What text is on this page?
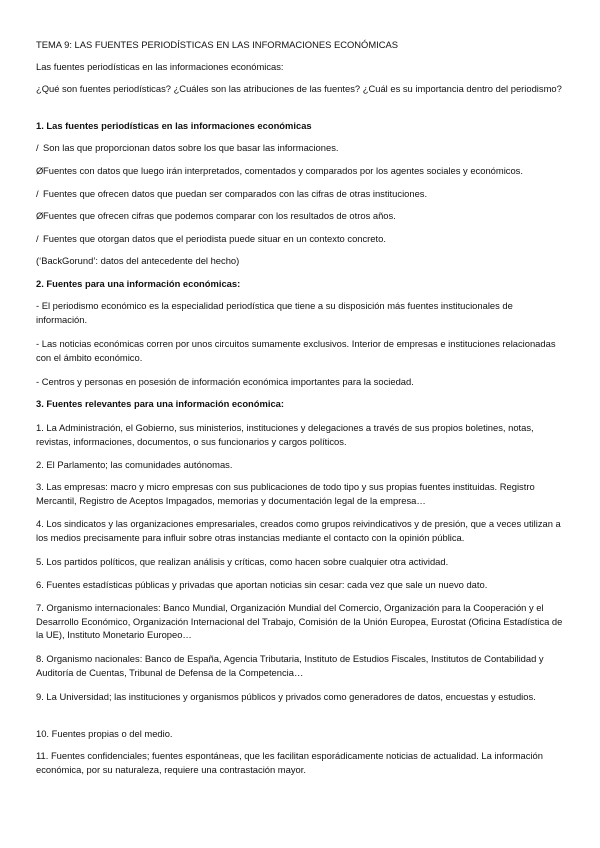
TEMA 9: LAS FUENTES PERIODÍSTICAS EN LAS INFORMACIONES ECONÓMICAS

Las fuentes periodísticas en las informaciones económicas:

¿Qué son fuentes periodísticas? ¿Cuáles son las atribuciones de las fuentes? ¿Cuál es su importancia dentro del periodismo?

1. Las fuentes periodísticas en las informaciones económicas

/ Son las que proporcionan datos sobre los que basar las informaciones.

ØFuentes con datos que luego irán interpretados, comentados y comparados por los agentes sociales y económicos.

/ Fuentes que ofrecen datos que puedan ser comparados con las cifras de otras instituciones.

ØFuentes que ofrecen cifras que podemos comparar con los resultados de otros años.

/ Fuentes que otorgan datos que el periodista puede situar en un contexto concreto.

(‘BackGorund’: datos del antecedente del hecho)

2. Fuentes para una información económicas:

- El periodismo económico es la especialidad periodística que tiene a su disposición más fuentes institucionales de información.

- Las noticias económicas corren por unos circuitos sumamente exclusivos. Interior de empresas e instituciones relacionadas con el ámbito económico.

- Centros y personas en posesión de información económica importantes para la sociedad.

3. Fuentes relevantes para una información económica:

1. La Administración, el Gobierno, sus ministerios, instituciones y delegaciones a través de sus propios boletines, notas, revistas, informaciones, documentos, o sus funcionarios y cargos políticos.

2. El Parlamento; las comunidades autónomas.

3. Las empresas: macro y micro empresas con sus publicaciones de todo tipo y sus propias fuentes instituidas. Registro Mercantil, Registro de Aceptos Impagados, memorias y documentación legal de la empresa…

4. Los sindicatos y las organizaciones empresariales, creados como grupos reivindicativos y de presión, que a veces utilizan a los medios precisamente para influir sobre otras instancias mediante el contacto con la opinión pública.

5. Los partidos políticos, que realizan análisis y críticas, como hacen sobre cualquier otra actividad.

6. Fuentes estadísticas públicas y privadas que aportan noticias sin cesar: cada vez que sale un nuevo dato.

7. Organismo internacionales: Banco Mundial, Organización Mundial del Comercio, Organización para la Cooperación y el Desarrollo Económico, Organización Internacional del Trabajo, Comisión de la Unión Europea, Eurostat (Oficina Estadística de la UE), Instituto Monetario Europeo…

8. Organismo nacionales: Banco de España, Agencia Tributaria, Instituto de Estudios Fiscales, Institutos de Contabilidad y Auditoría de Cuentas, Tribunal de Defensa de la Competencia…

9. La Universidad; las instituciones y organismos públicos y privados como generadores de datos, encuestas y estudios.

10. Fuentes propias o del medio.

11. Fuentes confidenciales; fuentes espontáneas, que les facilitan esporádicamente noticias de actualidad. La información económica, por su naturaleza, requiere una contrastación mayor.
